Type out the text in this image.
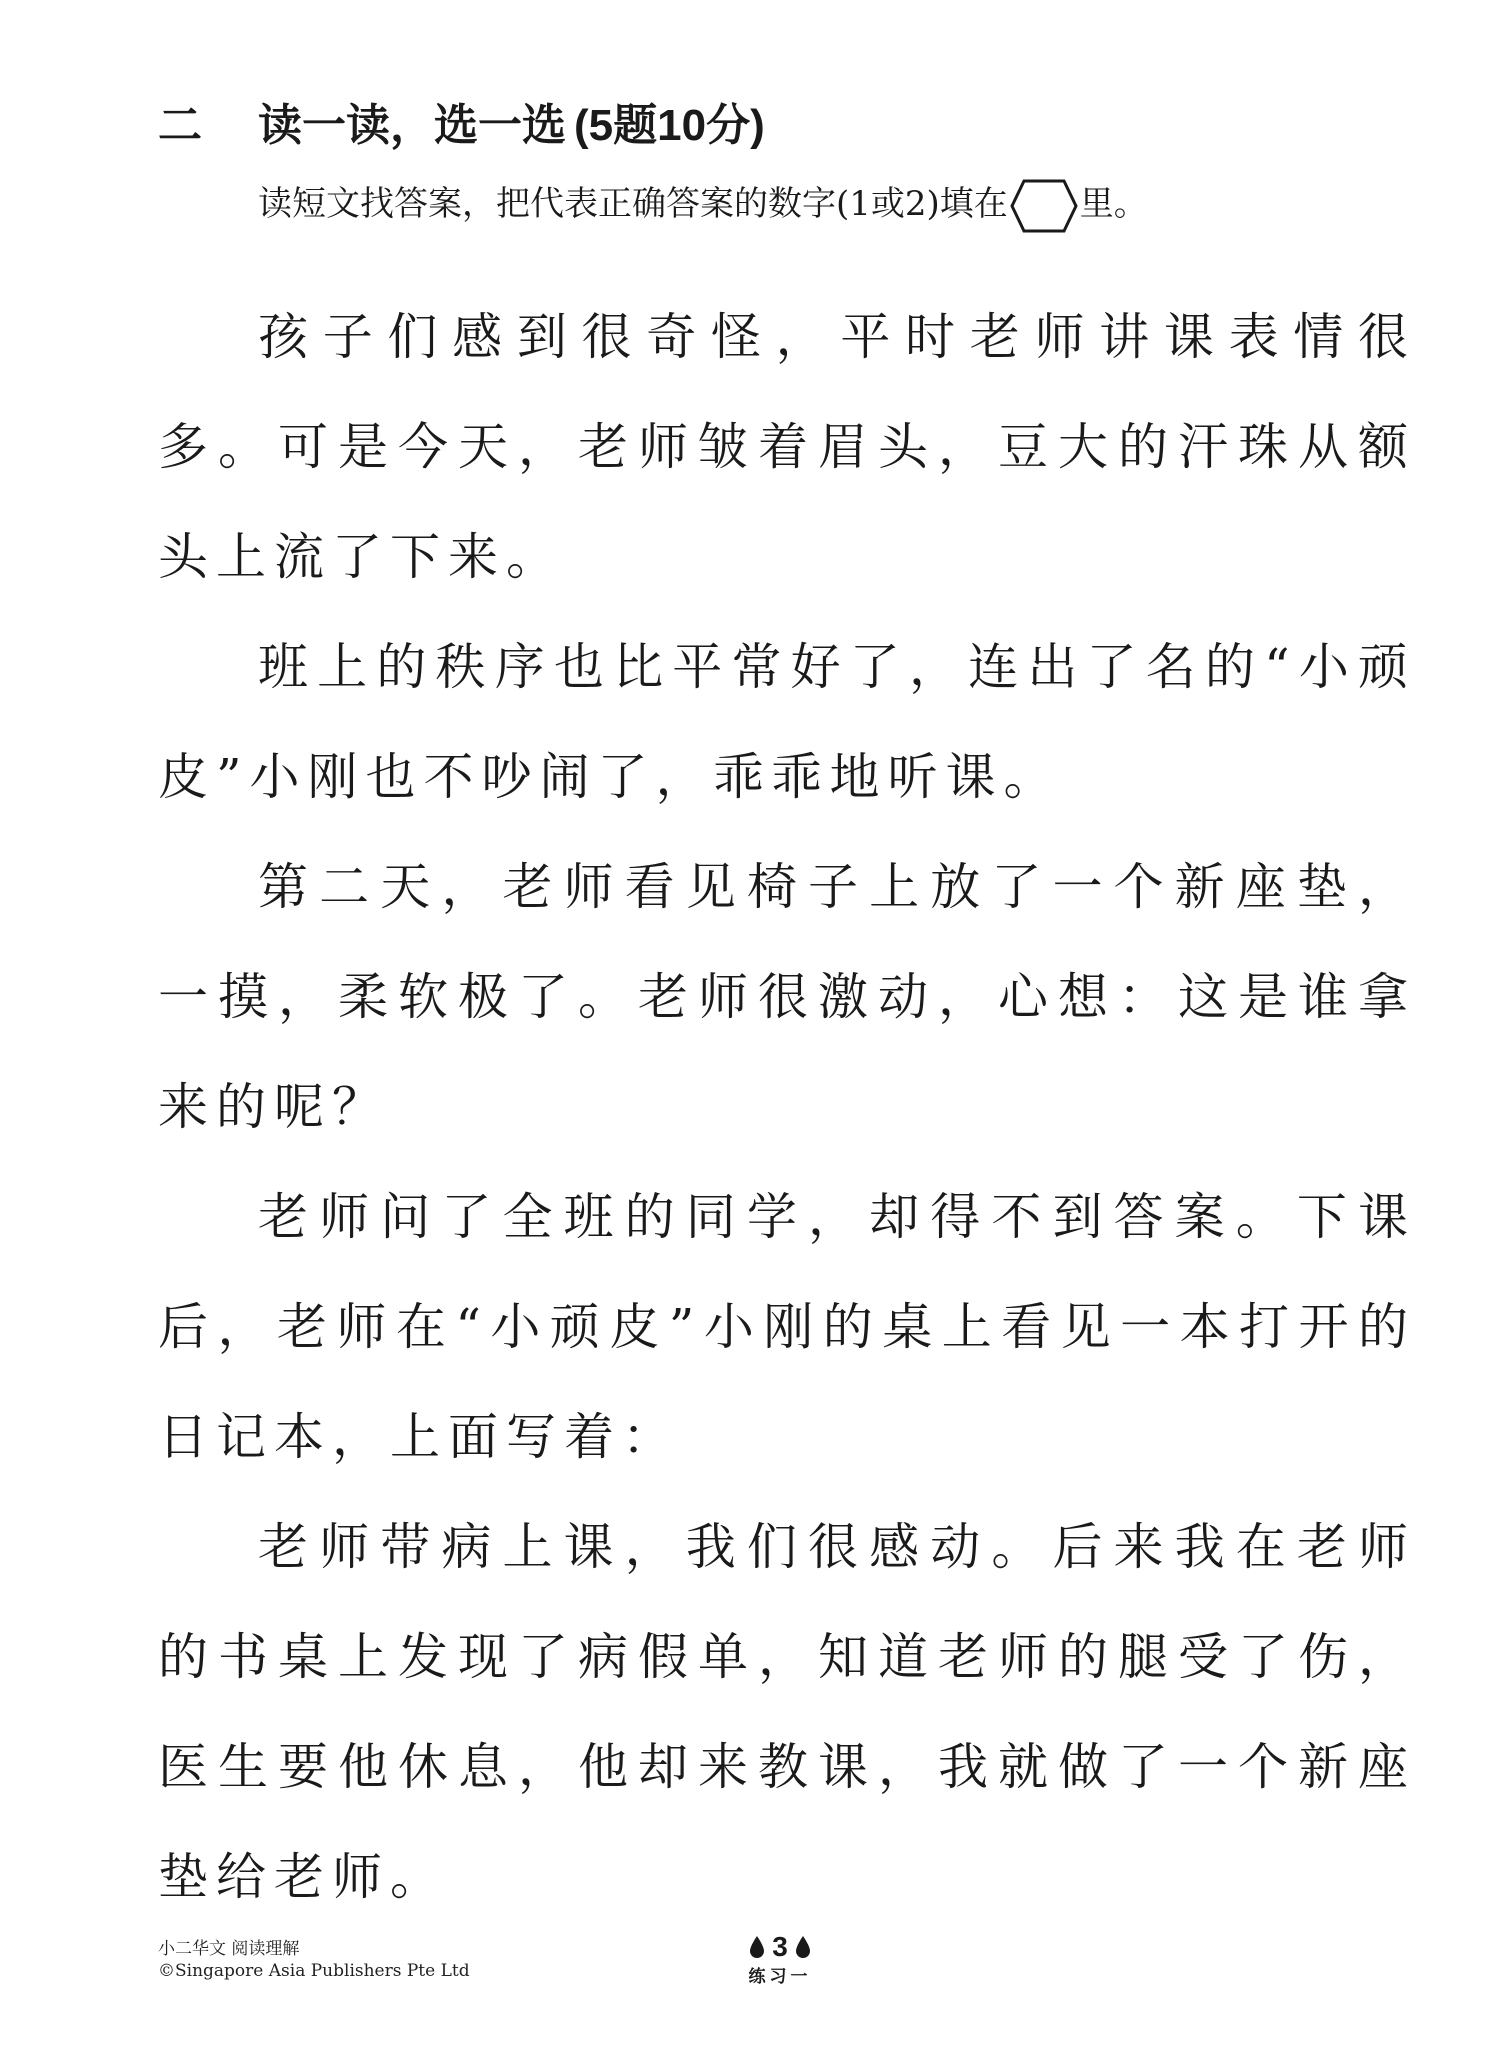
二 读一读，选一选 (5题10分)
读短文找答案，把代表正确答案的数字(1或2)填在 里。

孩子们感到很奇怪，平时老师讲课表情很多。可是今天，老师皱着眉头，豆大的汗珠从额头上流了下来。

班上的秩序也比平常好了，连出了名的“小顽皮”小刚也不吵闹了，乖乖地听课。

第二天，老师看见椅子上放了一个新座垫，一摸，柔软极了。老师很激动，心想：这是谁拿来的呢？

老师问了全班的同学，却得不到答案。下课后，老师在“小顽皮”小刚的桌上看见一本打开的日记本，上面写着：

老师带病上课，我们很感动。后来我在老师的书桌上发现了病假单，知道老师的腿受了伤，医生要他休息，他却来教课，我就做了一个新座垫给老师。

小二华文 阅读理解
©Singapore Asia Publishers Pte Ltd
3
练习一
